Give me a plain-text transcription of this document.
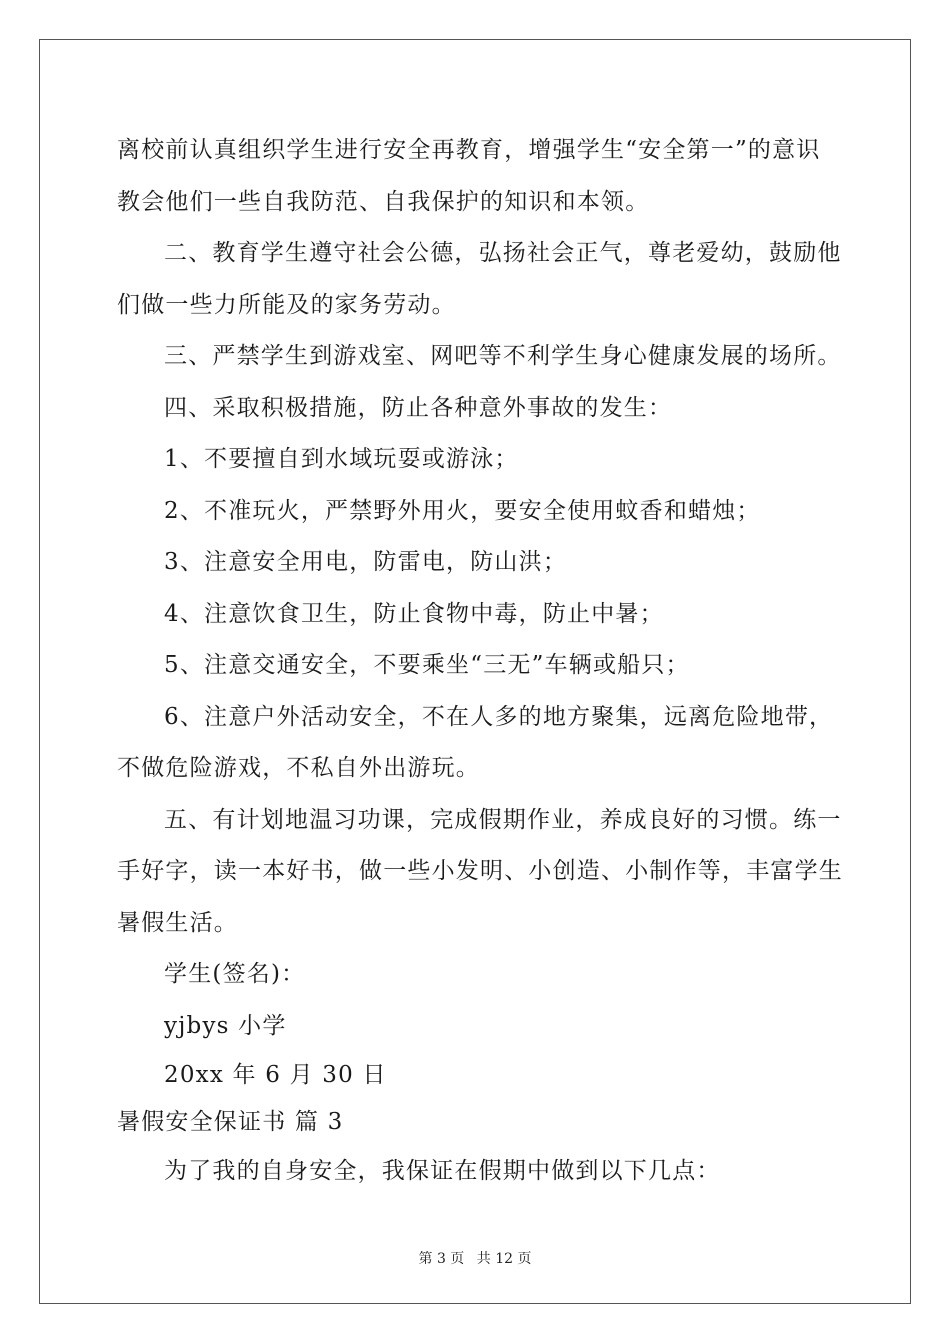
离校前认真组织学生进行安全再教育，增强学生“安全第一”的意识
教会他们一些自我防范、自我保护的知识和本领。
二、教育学生遵守社会公德，弘扬社会正气，尊老爱幼，鼓励他
们做一些力所能及的家务劳动。
三、严禁学生到游戏室、网吧等不利学生身心健康发展的场所。
四、采取积极措施，防止各种意外事故的发生：
1、不要擅自到水域玩耍或游泳；
2、不准玩火，严禁野外用火，要安全使用蚊香和蜡烛；
3、注意安全用电，防雷电，防山洪；
4、注意饮食卫生，防止食物中毒，防止中暑；
5、注意交通安全，不要乘坐“三无”车辆或船只；
6、注意户外活动安全，不在人多的地方聚集，远离危险地带，
不做危险游戏，不私自外出游玩。
五、有计划地温习功课，完成假期作业，养成良好的习惯。练一
手好字，读一本好书，做一些小发明、小创造、小制作等，丰富学生
暑假生活。
学生(签名)：
yjbys 小学
20xx 年 6 月 30 日
暑假安全保证书 篇 3
为了我的自身安全，我保证在假期中做到以下几点：
第 3 页 共 12 页
